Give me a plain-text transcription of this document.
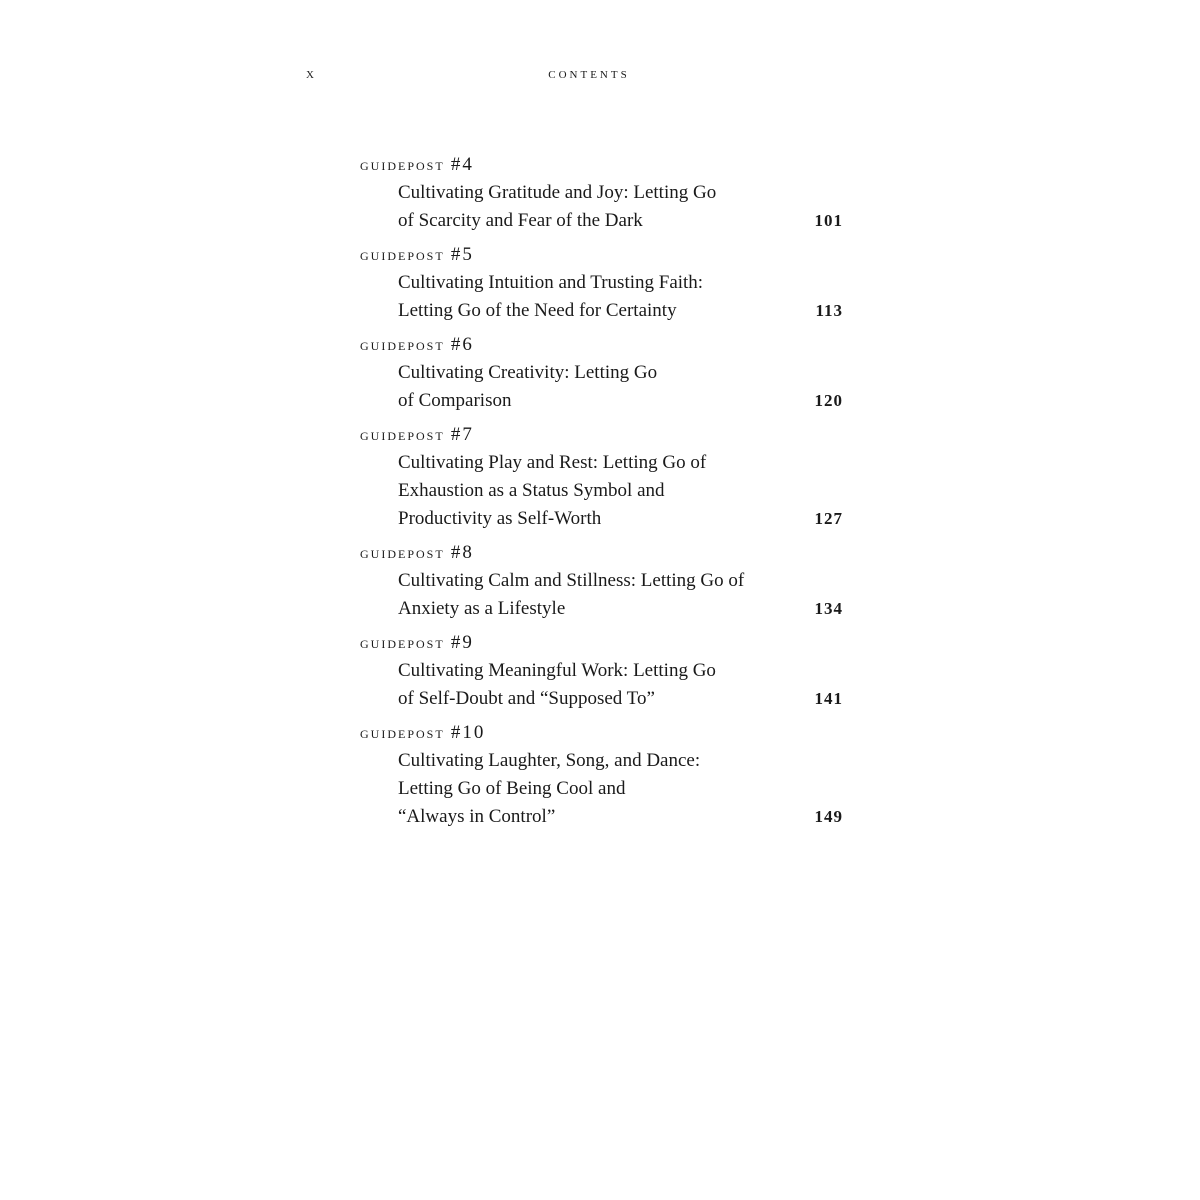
x	contents
guidepost #4
Cultivating Gratitude and Joy: Letting Go
of Scarcity and Fear of the Dark	101
guidepost #5
Cultivating Intuition and Trusting Faith:
Letting Go of the Need for Certainty	113
guidepost #6
Cultivating Creativity: Letting Go
of Comparison	120
guidepost #7
Cultivating Play and Rest: Letting Go of
Exhaustion as a Status Symbol and
Productivity as Self-Worth	127
guidepost #8
Cultivating Calm and Stillness: Letting Go of
Anxiety as a Lifestyle	134
guidepost #9
Cultivating Meaningful Work: Letting Go
of Self-Doubt and “Supposed To”	141
guidepost #10
Cultivating Laughter, Song, and Dance:
Letting Go of Being Cool and
“Always in Control”	149
